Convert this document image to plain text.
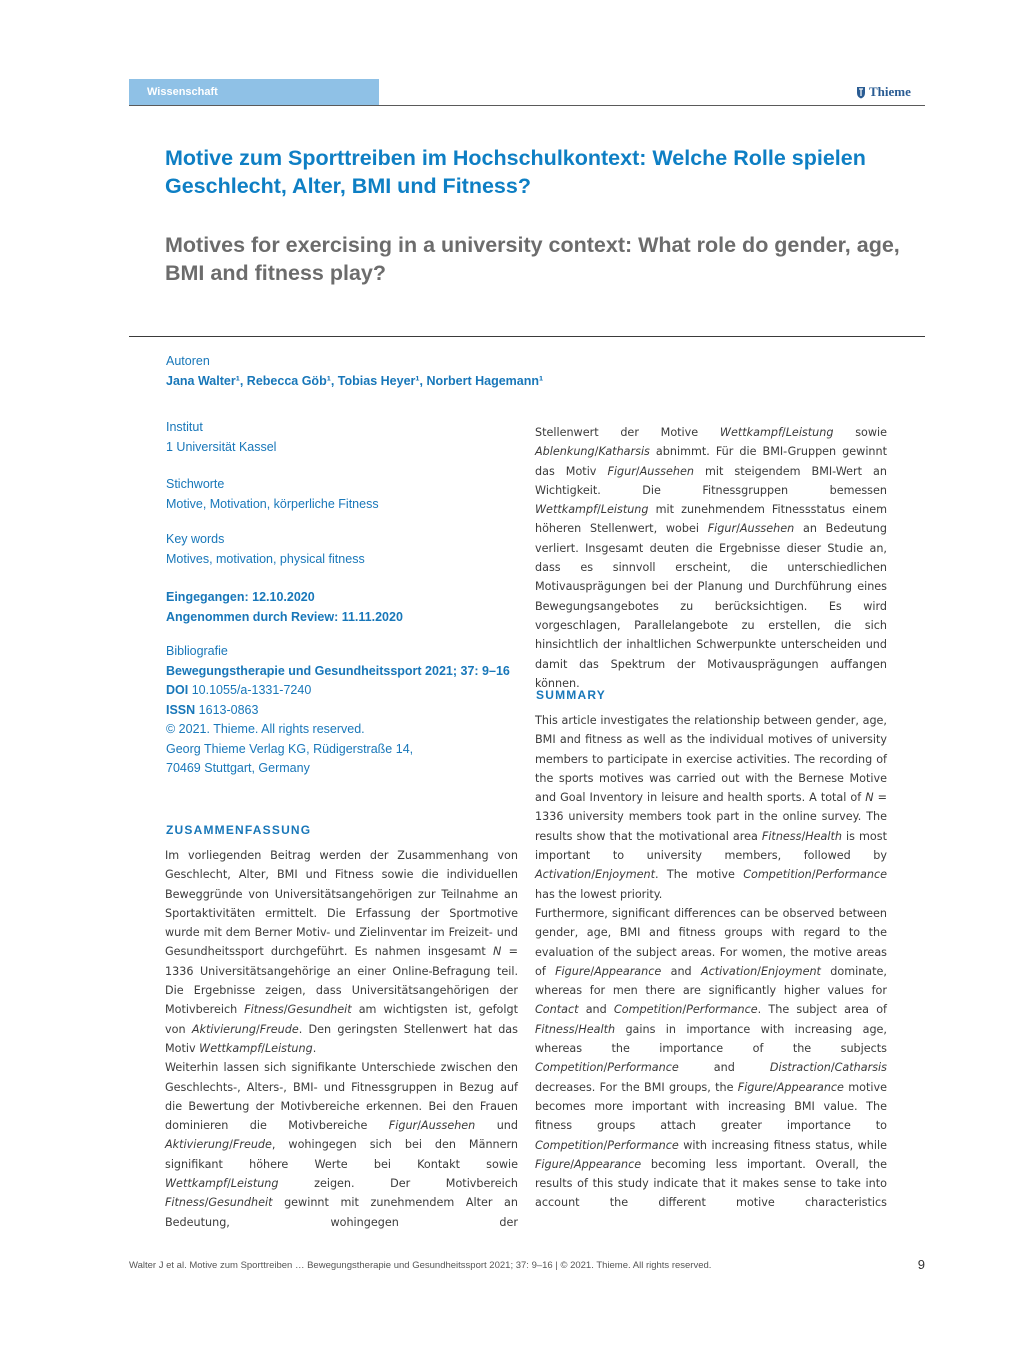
Wissenschaft	Thieme
Motive zum Sporttreiben im Hochschulkontext: Welche Rolle spielen Geschlecht, Alter, BMI und Fitness?
Motives for exercising in a university context: What role do gender, age, BMI and fitness play?
Autoren
Jana Walter¹, Rebecca Göb¹, Tobias Heyer¹, Norbert Hagemann¹
Institut
1 Universität Kassel
Stichworte
Motive, Motivation, körperliche Fitness
Key words
Motives, motivation, physical fitness
Eingegangen: 12.10.2020
Angenommen durch Review: 11.11.2020
Bibliografie
Bewegungstherapie und Gesundheitssport 2021; 37: 9–16
DOI 10.1055/a-1331-7240
ISSN 1613-0863
© 2021. Thieme. All rights reserved.
Georg Thieme Verlag KG, Rüdigerstraße 14,
70469 Stuttgart, Germany
ZUSAMMENFASSUNG

Im vorliegenden Beitrag werden der Zusammenhang von Geschlecht, Alter, BMI und Fitness sowie die individuellen Beweggründe von Universitätsangehörigen zur Teilnahme an Sportaktivitäten ermittelt. Die Erfassung der Sportmotive wurde mit dem Berner Motiv- und Zielinventar im Freizeit- und Gesundheitssport durchgeführt. Es nahmen insgesamt N = 1336 Universitätsangehörige an einer Online-Befragung teil. Die Ergebnisse zeigen, dass Universitätsangehörigen der Motivbereich Fitness/Gesundheit am wichtigsten ist, gefolgt von Aktivierung/Freude. Den geringsten Stellenwert hat das Motiv Wettkampf/Leistung.

Weiterhin lassen sich signifikante Unterschiede zwischen den Geschlechts-, Alters-, BMI- und Fitnessgruppen in Bezug auf die Bewertung der Motivbereiche erkennen. Bei den Frauen dominieren die Motivbereiche Figur/Aussehen und Aktivierung/Freude, wohingegen sich bei den Männern signifikant höhere Werte bei Kontakt sowie Wettkampf/Leistung zeigen. Der Motivbereich Fitness/Gesundheit gewinnt mit zunehmendem Alter an Bedeutung, wohingegen der

Stellenwert der Motive Wettkampf/Leistung sowie Ablenkung/Katharsis abnimmt. Für die BMI-Gruppen gewinnt das Motiv Figur/Aussehen mit steigendem BMI-Wert an Wichtigkeit. Die Fitnessgruppen bemessen Wettkampf/Leistung mit zunehmendem Fitnessstatus einem höheren Stellenwert, wobei Figur/Aussehen an Bedeutung verliert. Insgesamt deuten die Ergebnisse dieser Studie an, dass es sinnvoll erscheint, die unterschiedlichen Motivausprägungen bei der Planung und Durchführung eines Bewegungsangebotes zu berücksichtigen. Es wird vorgeschlagen, Parallelangebote zu erstellen, die sich hinsichtlich der inhaltlichen Schwerpunkte unterscheiden und damit das Spektrum der Motivausprägungen auffangen können.

SUMMARY

This article investigates the relationship between gender, age, BMI and fitness as well as the individual motives of university members to participate in exercise activities. The recording of the sports motives was carried out with the Bernese Motive and Goal Inventory in leisure and health sports. A total of N = 1336 university members took part in the online survey. The results show that the motivational area Fitness/Health is most important to university members, followed by Activation/Enjoyment. The motive Competition/Performance has the lowest priority.

Furthermore, significant differences can be observed between gender, age, BMI and fitness groups with regard to the evaluation of the subject areas. For women, the motive areas of Figure/Appearance and Activation/Enjoyment dominate, whereas for men there are significantly higher values for Contact and Competition/Performance. The subject area of Fitness/Health gains in importance with increasing age, whereas the importance of the subjects Competition/Performance and Distraction/Catharsis decreases. For the BMI groups, the Figure/Appearance motive becomes more important with increasing BMI value. The fitness groups attach greater importance to Competition/Performance with increasing fitness status, while Figure/Appearance becoming less important. Overall, the results of this study indicate that it makes sense to take into account the different motive characteristics

Walter J et al. Motive zum Sporttreiben … Bewegungstherapie und Gesundheitssport 2021; 37: 9–16 | © 2021. Thieme. All rights reserved.	9
